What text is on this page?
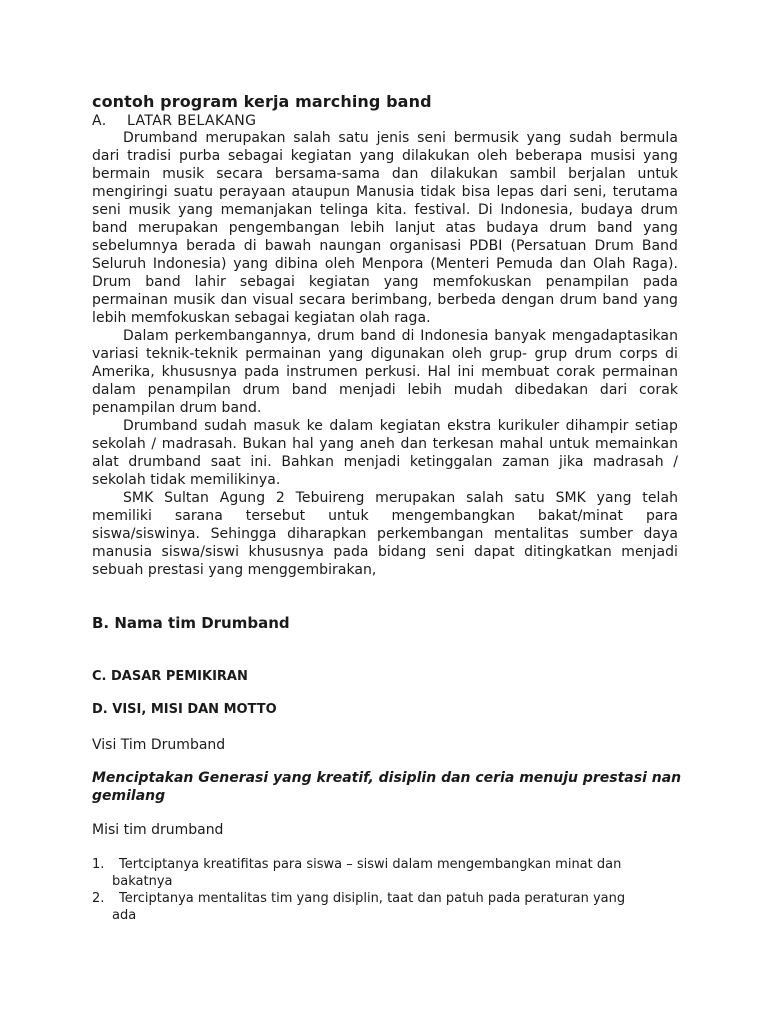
contoh program kerja marching band
A. LATAR BELAKANG

Drumband merupakan salah satu jenis seni bermusik yang sudah bermula dari tradisi purba sebagai kegiatan yang dilakukan oleh beberapa musisi yang bermain musik secara bersama-sama dan dilakukan sambil berjalan untuk mengiringi suatu perayaan ataupun Manusia tidak bisa lepas dari seni, terutama seni musik yang memanjakan telinga kita. festival. Di Indonesia, budaya drum band merupakan pengembangan lebih lanjut atas budaya drum band yang sebelumnya berada di bawah naungan organisasi PDBI (Persatuan Drum Band Seluruh Indonesia) yang dibina oleh Menpora (Menteri Pemuda dan Olah Raga). Drum band lahir sebagai kegiatan yang memfokuskan penampilan pada permainan musik dan visual secara berimbang, berbeda dengan drum band yang lebih memfokuskan sebagai kegiatan olah raga.

Dalam perkembangannya, drum band di Indonesia banyak mengadaptasikan variasi teknik-teknik permainan yang digunakan oleh grup- grup drum corps di Amerika, khususnya pada instrumen perkusi. Hal ini membuat corak permainan dalam penampilan drum band menjadi lebih mudah dibedakan dari corak penampilan drum band.

Drumband sudah masuk ke dalam kegiatan ekstra kurikuler dihampir setiap sekolah / madrasah. Bukan hal yang aneh dan terkesan mahal untuk memainkan alat drumband saat ini. Bahkan menjadi ketinggalan zaman jika madrasah / sekolah tidak memilikinya.

SMK Sultan Agung 2 Tebuireng merupakan salah satu SMK yang telah memiliki sarana tersebut untuk mengembangkan bakat/minat para siswa/siswinya. Sehingga diharapkan perkembangan mentalitas sumber daya manusia siswa/siswi khususnya pada bidang seni dapat ditingkatkan menjadi sebuah prestasi yang menggembirakan,

B. Nama tim Drumband
C. DASAR PEMIKIRAN
D. VISI, MISI DAN MOTTO
Visi Tim Drumband
Menciptakan Generasi yang kreatif, disiplin dan ceria menuju prestasi nan gemilang
Misi tim drumband
1.	Tertciptanya kreatifitas para siswa – siswi dalam mengembangkan minat dan bakatnya
2.	Terciptanya mentalitas tim yang disiplin, taat dan patuh pada peraturan yang ada
